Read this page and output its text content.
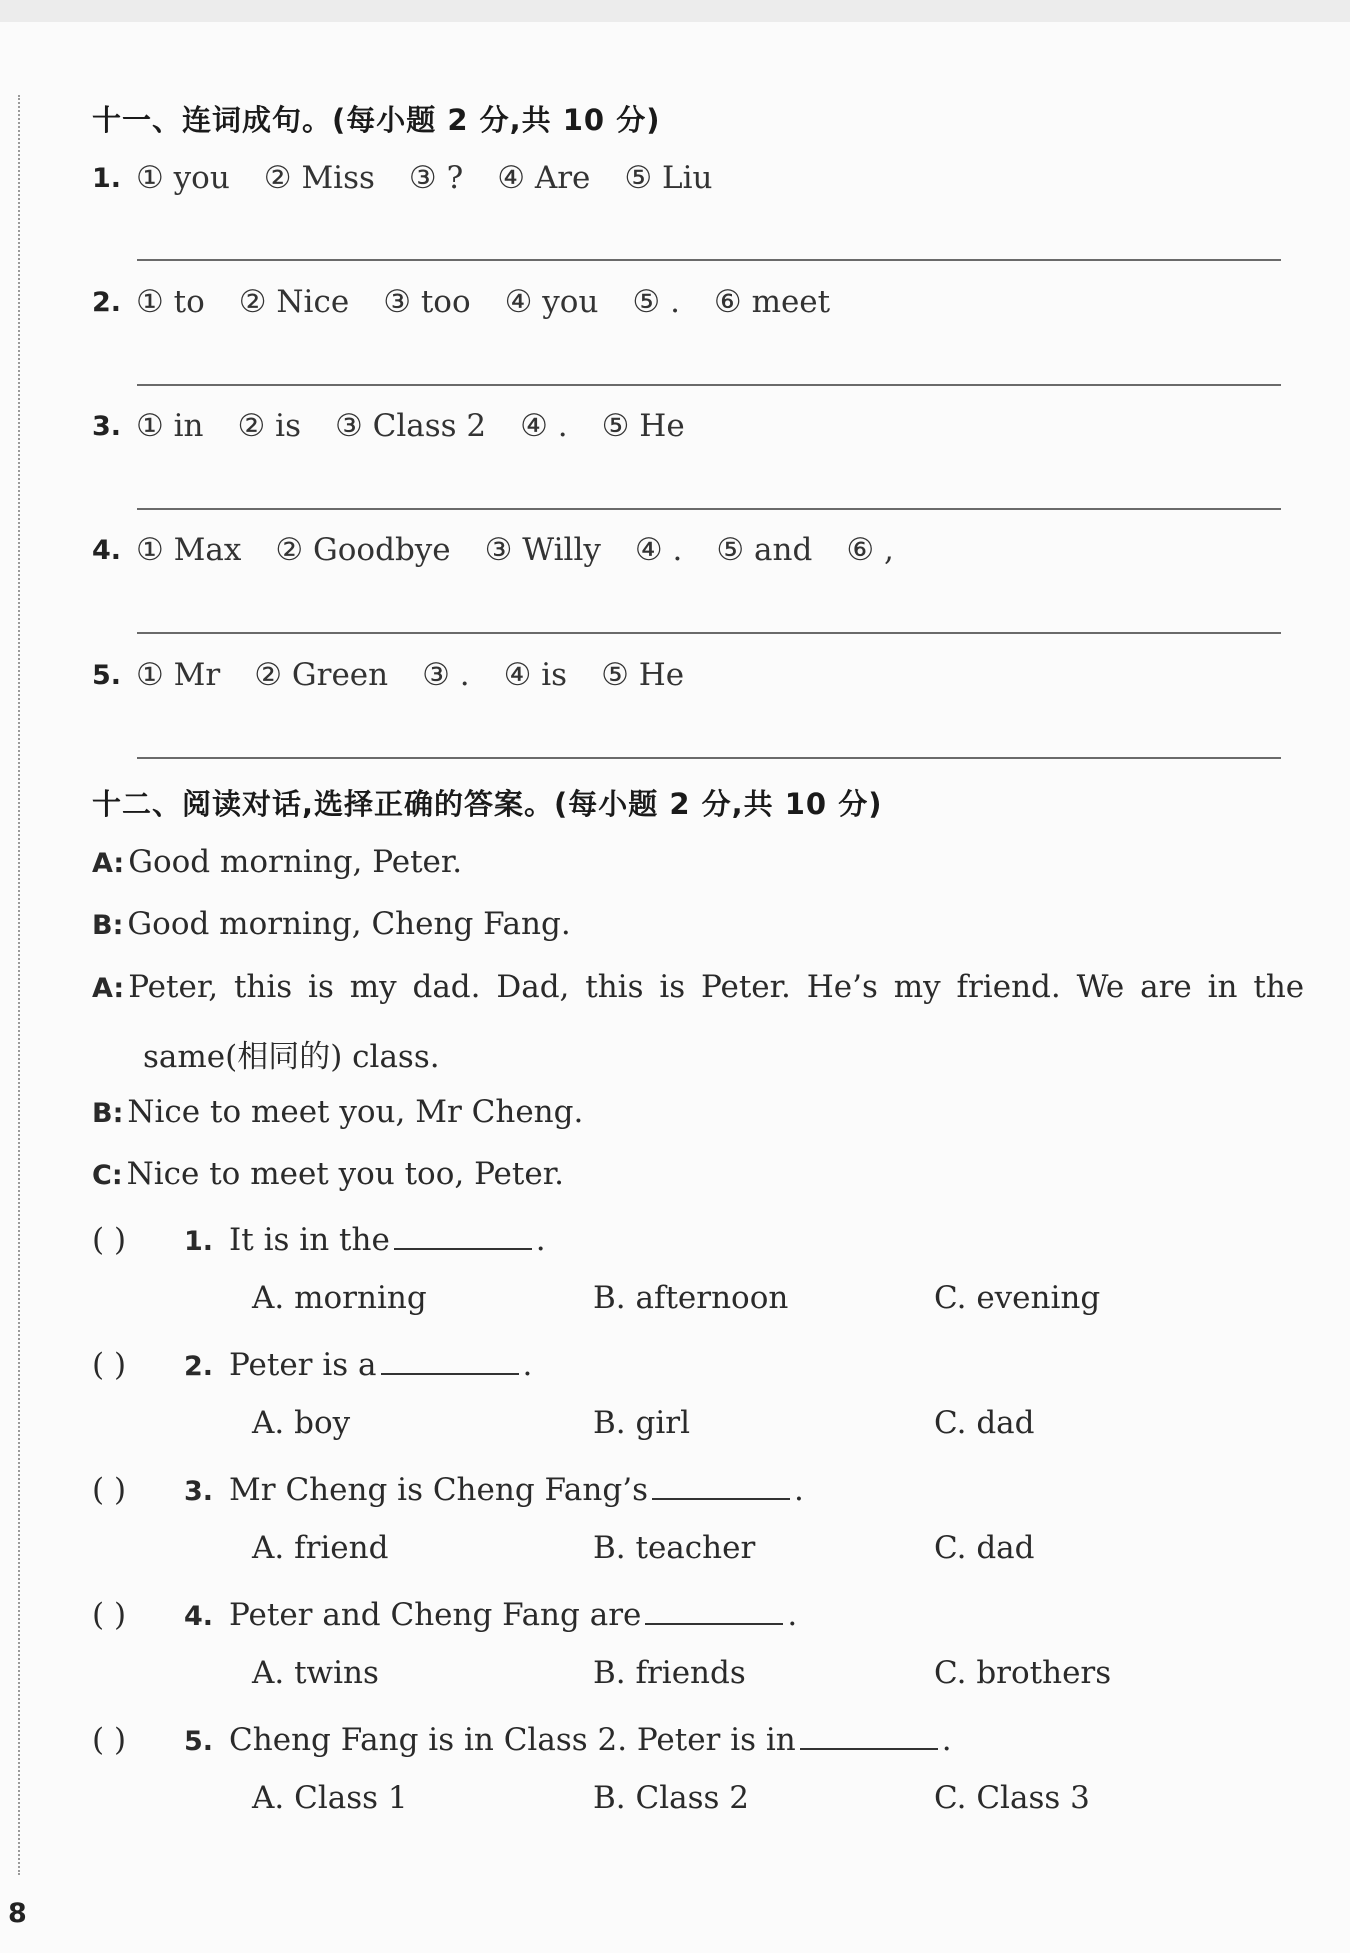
十一、连词成句。(每小题 2 分,共 10 分)
1. ① you ② Miss ③ ? ④ Are ⑤ Liu
2. ① to ② Nice ③ too ④ you ⑤ . ⑥ meet
3. ① in ② is ③ Class 2 ④ . ⑤ He
4. ① Max ② Goodbye ③ Willy ④ . ⑤ and ⑥ ,
5. ① Mr ② Green ③ . ④ is ⑤ He
十二、阅读对话,选择正确的答案。(每小题 2 分,共 10 分)
A: Good morning, Peter.
B: Good morning, Cheng Fang.
A: Peter, this is my dad. Dad, this is Peter. He’s my friend. We are in the
same(相同的) class.
B: Nice to meet you, Mr Cheng.
C: Nice to meet you too, Peter.
( ) 1. It is in the	.
A. morning	B. afternoon	C. evening
( ) 2. Peter is a	.
A. boy	B. girl	C. dad
( ) 3. Mr Cheng is Cheng Fang’s	.
A. friend	B. teacher	C. dad
( ) 4. Peter and Cheng Fang are	.
A. twins	B. friends	C. brothers
( ) 5. Cheng Fang is in Class 2. Peter is in	.
A. Class 1	B. Class 2	C. Class 3
8
